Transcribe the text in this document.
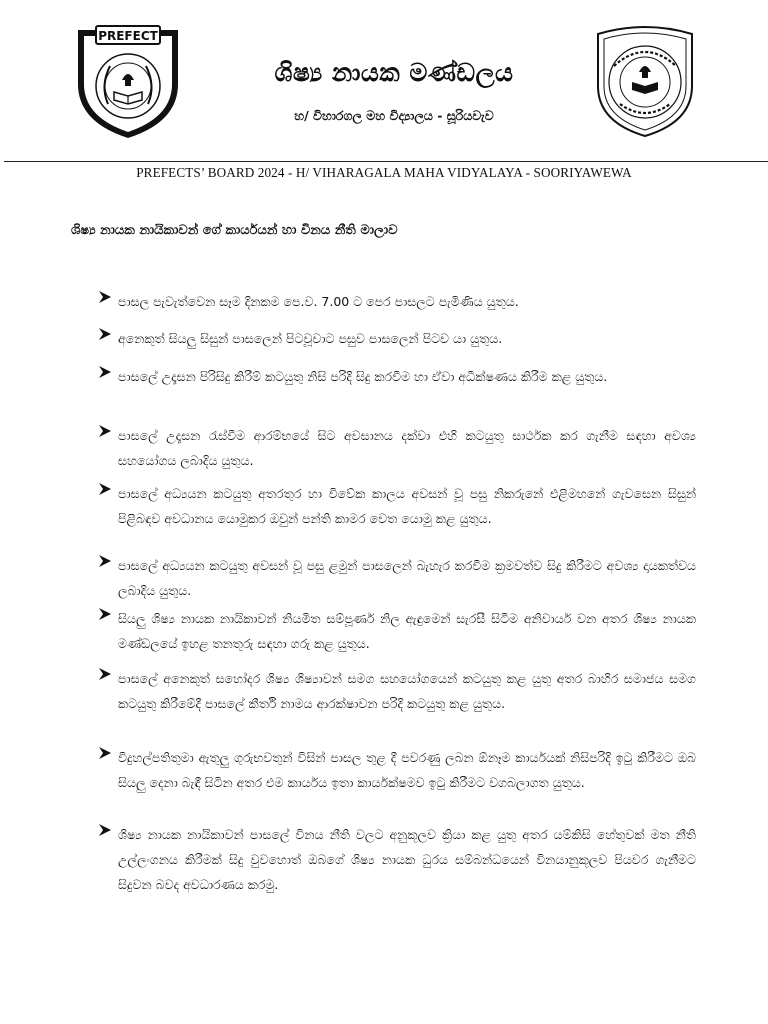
PREFECT
ශිෂ්‍ය නායක මණ්ඩලය
හ/ විහාරගල මහ විද්‍යාලය - සූරියවැව
PREFECTS’ BOARD 2024 - H/ VIHARAGALA MAHA VIDYALAYA - SOORIYAWEWA
ශිෂ්‍ය නායක නායිකාවන් ගේ කාර්යයන් හා විනය නීති මාලාව
පාසල පැවැත්වෙන සෑම දිනකම පෙ.ව. 7.00 ට පෙර පාසලට පැමිණිය යුතුය.
අනෙකුත් සියලු සිසුන් පාසලෙන් පිටවූවාට පසුව පාසලෙන් පිටව යා යුතුය.
පාසලේ උදෑසන පිරිසිදු කිරීම් කටයුතු නිසි පරිදි සිදු කරවීම හා ඒවා අධීක්ෂණය කිරීම කළ යුතුය.
පාසලේ උදෑසන රැස්වීම ආරම්භයේ සිට අවසානය දක්වා එහි කටයුතු සාර්ථක කර ගැනීම සඳහා අවශ්‍ය සහයෝගය ලබාදිය යුතුය.
පාසලේ අධ්‍යයන කටයුතු අතරතුර හා විවේක කාලය අවසන් වූ පසු නිකරුනේ එළිමහනේ ගැවසෙන සිසුන් පිළිබඳව අවධානය යොමුකර ඔවුන් පන්ති කාමර වෙත යොමු කළ යුතුය.
පාසලේ අධ්‍යයන කටයුතු අවසන් වූ පසු ළමුන් පාසලෙන් බැහැර කරවීම ක්‍රමවත්ව සිදු කිරීමට අවශ්‍ය දායකත්වය ලබාදිය යුතුය.
සියලු ශිෂ්‍ය නායක නායිකාවන් නියමිත සම්පූර්ණ නිල ඇඳුමෙන් සැරසී සිටීම අනිවාර්ය වන අතර ශිෂ්‍ය නායක මණ්ඩලයේ ඉහළ තනතුරු සඳහා ගරු කළ යුතුය.
පාසලේ අනෙකුත් සහෝදර ශිෂ්‍ය ශිෂ්‍යාවන් සමග සහයෝගයෙන් කටයුතු කළ යුතු අතර බාහිර සමාජය සමග කටයුතු කිරීමේදී පාසලේ කීර්ති නාමය ආරක්ෂාවන පරිදි කටයුතු කළ යුතුය.
විදුහල්පතිතුමා ඇතුලු ගුරුභවතුන් විසින් පාසල තුළ දී පවරණු ලබන ඕනෑම කාර්යයක් නිසිපරිදි ඉටු කිරීමට ඔබ සියලු දෙනා බැඳී සිටින අතර එම කාර්යය ඉතා කාර්යක්ෂමව ඉටු කිරීමට වගබලාගත යුතුය.
ශිෂ්‍ය නායක නායිකාවන් පාසලේ විනය නීති වලට අනුකූලව ක්‍රියා කළ යුතු අතර යම්කිසි හේතුවක් මත නීති උල්ලංගනය කිරීමක් සිදු වුවහොත් ඔබගේ ශිෂ්‍ය නායක ධුරය සම්බන්ධයෙන් විනයානුකූලව පියවර ගැනීමට සිදුවන බවද අවධාරණය කරමු.
